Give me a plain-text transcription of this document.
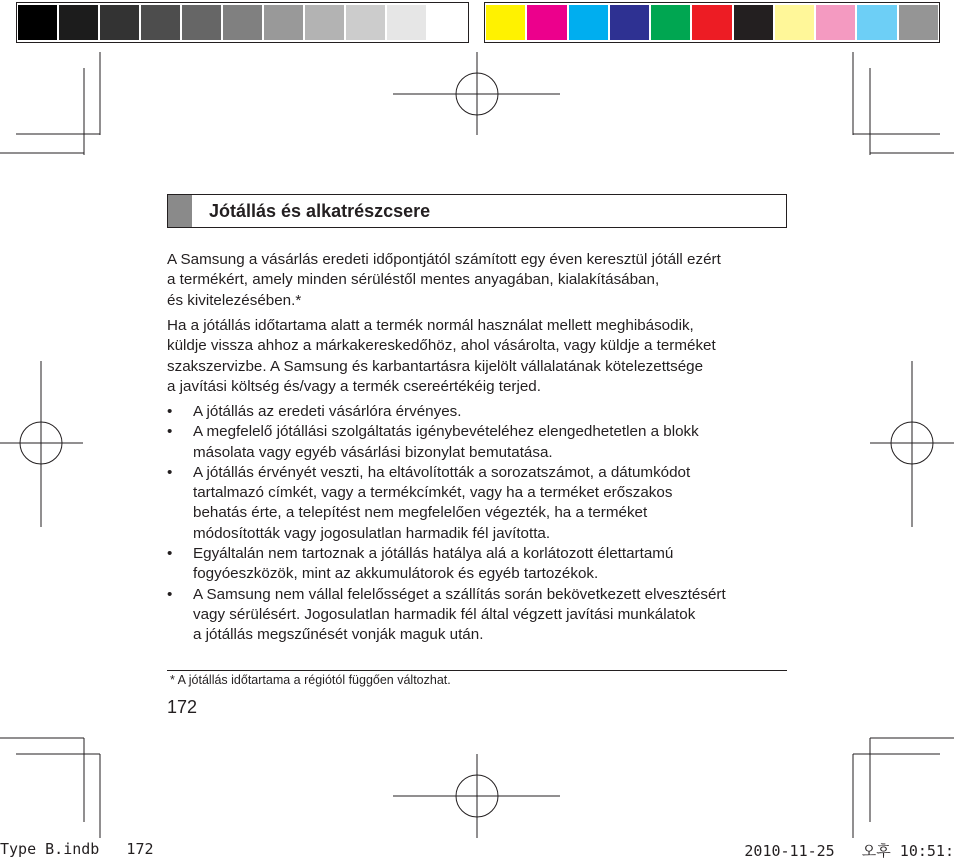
Jótállás és alkatrészcsere
A Samsung a vásárlás eredeti időpontjától számított egy éven keresztül jótáll ezért
a termékért, amely minden sérüléstől mentes anyagában, kialakításában,
és kivitelezésében.*
Ha a jótállás időtartama alatt a termék normál használat mellett meghibásodik,
küldje vissza ahhoz a márkakereskedőhöz, ahol vásárolta, vagy küldje a terméket
szakszervizbe. A Samsung és karbantartásra kijelölt vállalatának kötelezettsége
a javítási költség és/vagy a termék csereértékéig terjed.
•	A jótállás az eredeti vásárlóra érvényes.
•	A megfelelő jótállási szolgáltatás igénybevételéhez elengedhetetlen a blokk
másolata vagy egyéb vásárlási bizonylat bemutatása.
•	A jótállás érvényét veszti, ha eltávolították a sorozatszámot, a dátumkódot
tartalmazó címkét, vagy a termékcímkét, vagy ha a terméket erőszakos
behatás érte, a telepítést nem megfelelően végezték, ha a terméket
módosították vagy jogosulatlan harmadik fél javította.
•	Egyáltalán nem tartoznak a jótállás hatálya alá a korlátozott élettartamú
fogyóeszközök, mint az akkumulátorok és egyéb tartozékok.
•	A Samsung nem vállal felelősséget a szállítás során bekövetkezett elvesztésért
vagy sérülésért. Jogosulatlan harmadik fél által végzett javítási munkálatok
a jótállás megszűnését vonják maguk után.
* A jótállás időtartama a régiótól függően változhat.
172
Type B.indb   172	2010-11-25   오후 10:51:
